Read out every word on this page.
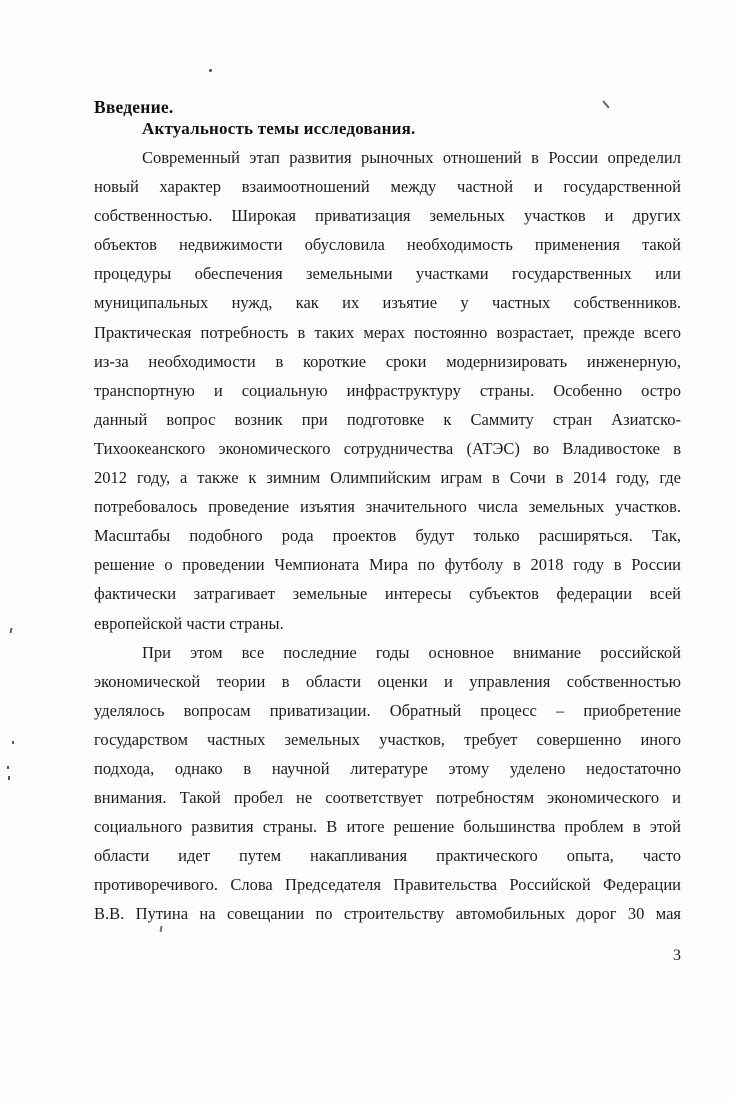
Введение.
Актуальность темы исследования.
Современный этап развития рыночных отношений в России определил
новый характер взаимоотношений между частной и государственной
собственностью. Широкая приватизация земельных участков и других
объектов недвижимости обусловила необходимость применения такой
процедуры обеспечения земельными участками государственных или
муниципальных нужд, как их изъятие у частных собственников.
Практическая потребность в таких мерах постоянно возрастает, прежде всего
из-за необходимости в короткие сроки модернизировать инженерную,
транспортную и социальную инфраструктуру страны. Особенно остро
данный вопрос возник при подготовке к Саммиту стран Азиатско-
Тихоокеанского экономического сотрудничества (АТЭС) во Владивостоке в
2012 году, а также к зимним Олимпийским играм в Сочи в 2014 году, где
потребовалось проведение изъятия значительного числа земельных участков.
Масштабы подобного рода проектов будут только расширяться. Так,
решение о проведении Чемпионата Мира по футболу в 2018 году в России
фактически затрагивает земельные интересы субъектов федерации всей
европейской части страны.
При этом все последние годы основное внимание российской
экономической теории в области оценки и управления собственностью
уделялось вопросам приватизации. Обратный процесс – приобретение
государством частных земельных участков, требует совершенно иного
подхода, однако в научной литературе этому уделено недостаточно
внимания. Такой пробел не соответствует потребностям экономического и
социального развития страны. В итоге решение большинства проблем в этой
области идет путем накапливания практического опыта, часто
противоречивого. Слова Председателя Правительства Российской Федерации
В.В. Путина на совещании по строительству автомобильных дорог 30 мая
3
